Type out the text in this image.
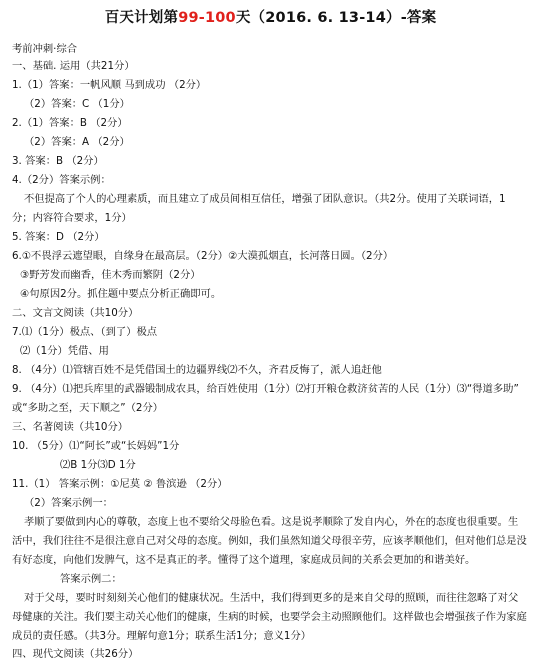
百天计划第99-100天（2016. 6. 13-14）-答案
考前冲刺·综合
一、基础. 运用（共21分）
1.（1）答案：一帆风顺 马到成功 （2分）
（2）答案：C （1分）
2.（1）答案：B （2分）
（2）答案：A （2分）
3. 答案：B （2分）
4.（2分）答案示例：
不但提高了个人的心理素质，而且建立了成员间相互信任，增强了团队意识。（共2分。使用了关联词语，1
分；内容符合要求，1分）
5. 答案：D （2分）
6.①不畏浮云遮望眼，自缘身在最高层。（2分）②大漠孤烟直，长河落日圆。（2分）
③野芳发而幽香，佳木秀而繁阴（2分）
④句原因2分。抓住题中要点分析正确即可。
二、文言文阅读（共10分）
7.⑴（1分）极点、（到了）极点
⑵（1分）凭借、用
8. （4分）⑴管辖百姓不是凭借国土的边疆界线⑵不久，齐君反悔了，派人追赶他
9. （4分）⑴把兵库里的武器锻制成农具，给百姓使用（1分）⑵打开粮仓救济贫苦的人民（1分）⑶“得道多助”
或“多助之至，天下顺之”（2分）
三、名著阅读（共10分）
10. （5分）⑴“阿长”或“长妈妈”1分
⑵B 1分⑶D 1分
11.（1） 答案示例：①尼莫 ② 鲁滨逊 （2分）
（2）答案示例一：
孝顺了要做到内心的尊敬，态度上也不要给父母脸色看。这是说孝顺除了发自内心，外在的态度也很重要。生
活中，我们往往不是很注意自己对父母的态度。例如，我们虽然知道父母很辛劳，应该孝顺他们，但对他们总是没
有好态度，向他们发脾气，这不是真正的孝。懂得了这个道理，家庭成员间的关系会更加的和谐美好。
答案示例二：
对于父母，要时时刻刻关心他们的健康状况。生活中，我们得到更多的是来自父母的照顾，而往往忽略了对父
母健康的关注。我们要主动关心他们的健康，生病的时候，也要学会主动照顾他们。这样做也会增强孩子作为家庭
成员的责任感。（共3分。理解句意1分；联系生活1分；意义1分）
四、现代文阅读（共26分）
